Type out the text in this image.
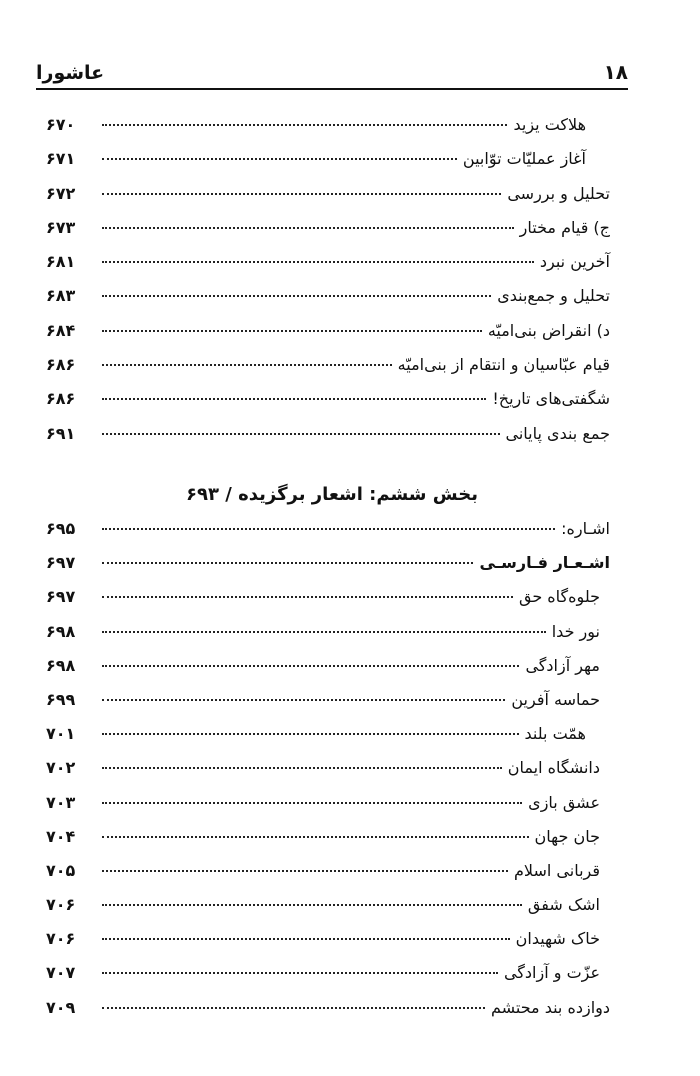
۱۸
عاشورا
هلاکت یزید
۶۷۰
آغاز عملیّات توّابین
۶۷۱
تحلیل و بررسی
۶۷۲
ج) قیام مختار
۶۷۳
آخرین نبرد
۶۸۱
تحلیل و جمع‌بندی
۶۸۳
د) انقراض بنی‌امیّه
۶۸۴
قیام عبّاسیان و انتقام از بنی‌امیّه
۶۸۶
شگفتی‌های تاریخ!
۶۸۶
جمع بندی پایانی
۶۹۱
بخش ششم: اشعار برگزیده / ۶۹۳
اشـاره:
۶۹۵
اشـعـار فـارسـی
۶۹۷
جلوه‌گاه حق
۶۹۷
نور خدا
۶۹۸
مهر آزادگی
۶۹۸
حماسه آفرین
۶۹۹
همّت بلند
۷۰۱
دانشگاه ایمان
۷۰۲
عشق بازی
۷۰۳
جان جهان
۷۰۴
قربانی اسلام
۷۰۵
اشک شفق
۷۰۶
خاک شهیدان
۷۰۶
عزّت و آزادگی
۷۰۷
دوازده بند محتشم
۷۰۹
